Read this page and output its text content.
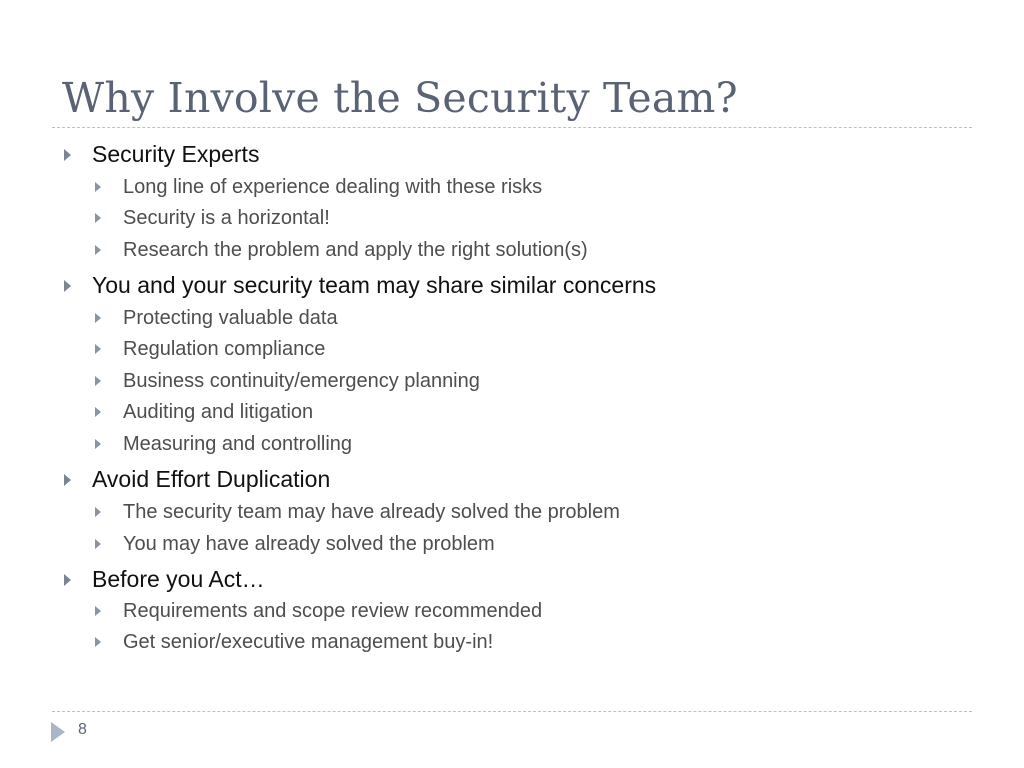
Why Involve the Security Team?
Security Experts
Long line of experience dealing with these risks
Security is a horizontal!
Research the problem and apply the right solution(s)
You and your security team may share similar concerns
Protecting valuable data
Regulation compliance
Business continuity/emergency planning
Auditing and litigation
Measuring and controlling
Avoid Effort Duplication
The security team may have already solved the problem
You may have already solved the problem
Before you Act…
Requirements and scope review recommended
Get senior/executive management buy-in!
8
